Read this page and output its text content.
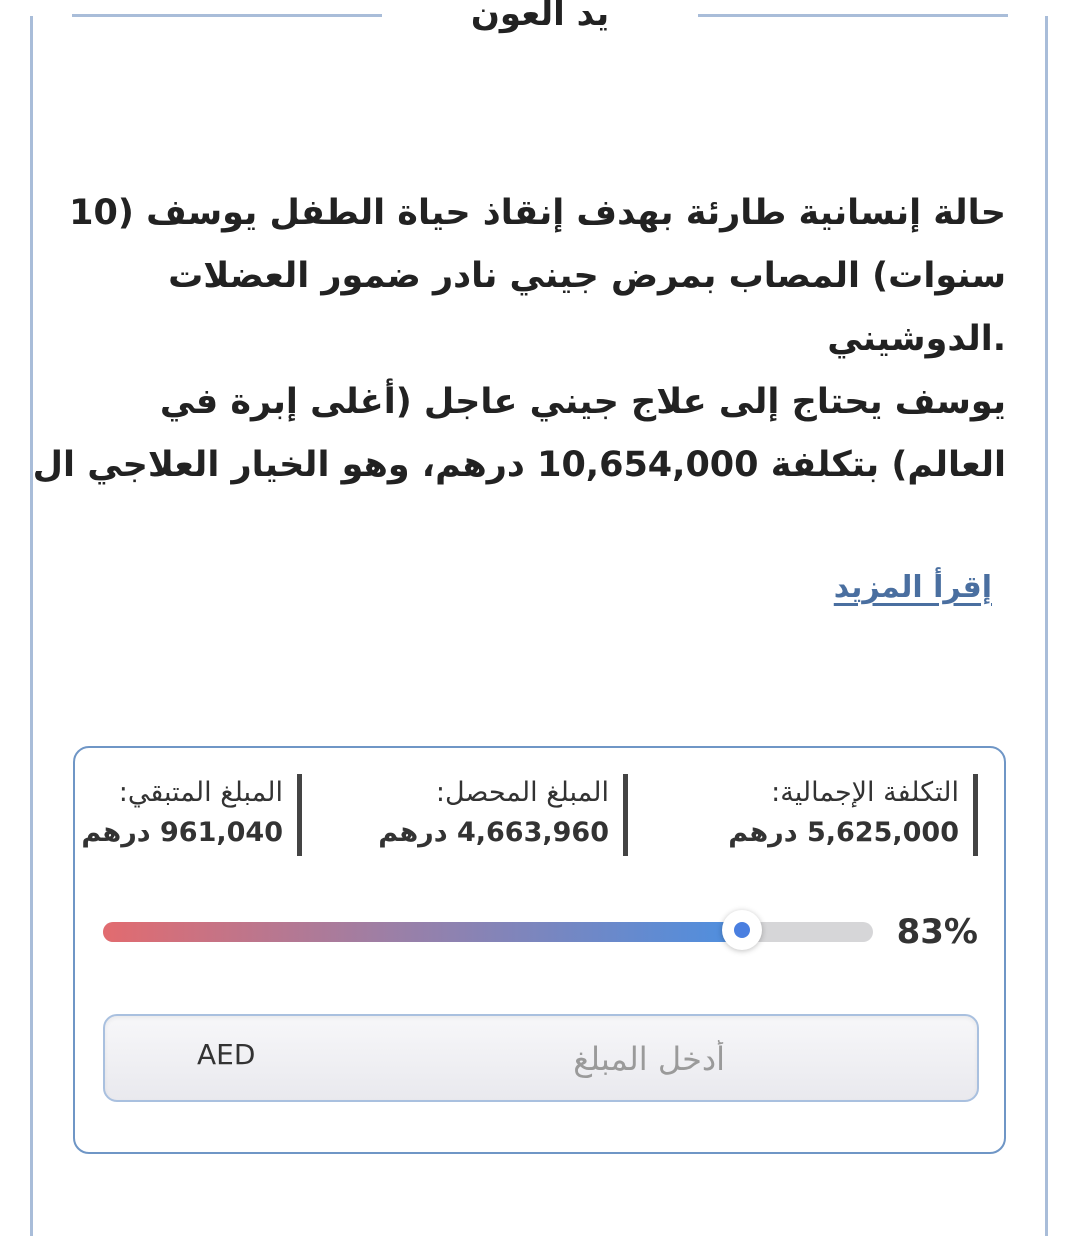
يد العون
حالة إنسانية طارئة بهدف إنقاذ حياة الطفل يوسف (10
سنوات) المصاب بمرض جيني نادر ضمور العضلات
.الدوشيني
يوسف يحتاج إلى علاج جيني عاجل (أغلى إبرة في
العالم) بتكلفة 10,654,000 درهم، وهو الخيار العلاجي ال
إقرأ المزيد
التكلفة الإجمالية:
5,625,000 درهم
المبلغ المحصل:
4,663,960 درهم
المبلغ المتبقي:
961,040 درهم
83%
أدخل المبلغ
AED
